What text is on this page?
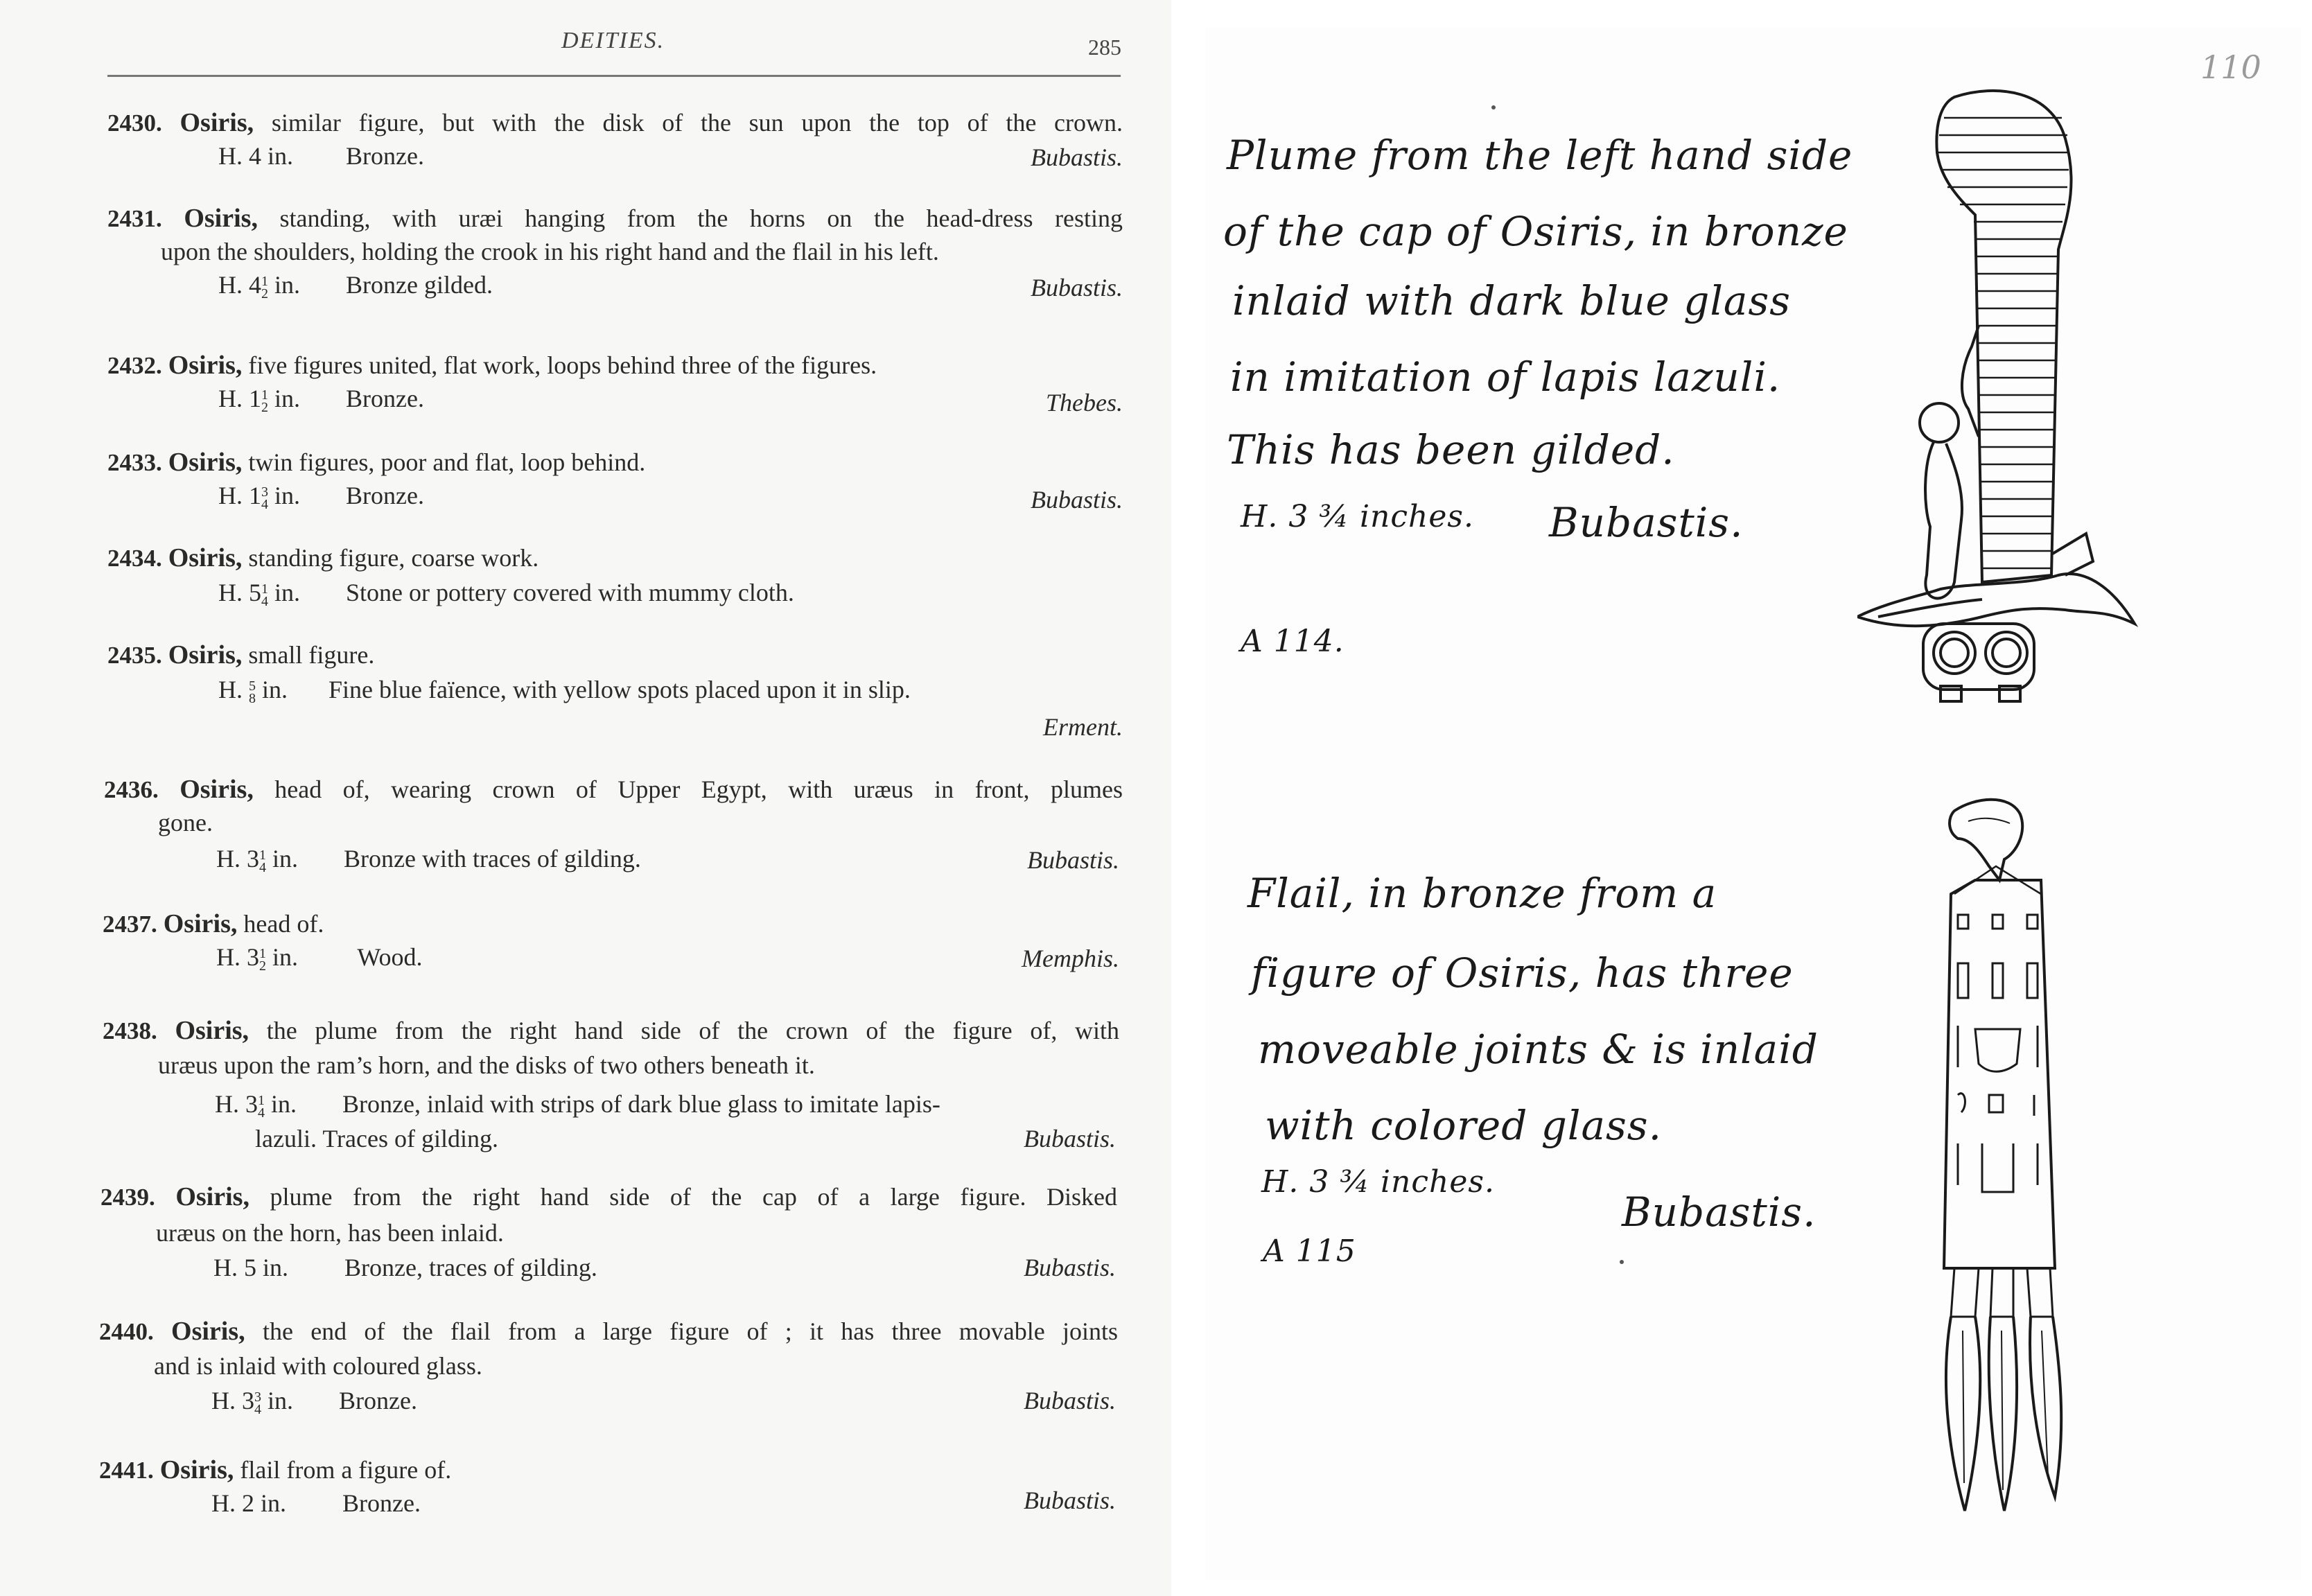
DEITIES.	285
2430. Osiris, similar figure, but with the disk of the sun upon the top of the crown.
H. 4 in. Bronze.	Bubastis.
2431. Osiris, standing, with uræi hanging from the horns on the head-dress resting
upon the shoulders, holding the crook in his right hand and the flail in his left.
H. 4 1
2 in. Bronze gilded.	Bubastis.
2432. Osiris, five figures united, flat work, loops behind three of the figures.
H. 1 1
2 in. Bronze.	Thebes.
2433. Osiris, twin figures, poor and flat, loop behind.
H. 1 3
4 in. Bronze.	Bubastis.
2434. Osiris, standing figure, coarse work.
H. 5 1
4 in. Stone or pottery covered with mummy cloth.
2435. Osiris, small figure.
H. 5
8 in. Fine blue faïence, with yellow spots placed upon it in slip.
Erment.
2436. Osiris, head of, wearing crown of Upper Egypt, with uræus in front, plumes
gone.
H. 3 1
4 in. Bronze with traces of gilding.	Bubastis.
2437. Osiris, head of.
H. 3 1
2 in. Wood.	Memphis.
2438. Osiris, the plume from the right hand side of the crown of the figure of, with
uræus upon the ram’s horn, and the disks of two others beneath it.
H. 3 1
4 in. Bronze, inlaid with strips of dark blue glass to imitate lapis-
lazuli. Traces of gilding.	Bubastis.
2439. Osiris, plume from the right hand side of the cap of a large figure. Disked
uræus on the horn, has been inlaid.
H. 5 in. Bronze, traces of gilding.	Bubastis.
2440. Osiris, the end of the flail from a large figure of ; it has three movable joints
and is inlaid with coloured glass.
H. 3 3
4 in. Bronze.	Bubastis.
2441. Osiris, flail from a figure of.
H. 2 in. Bronze.	Bubastis.
110
Plume from the left hand side
of the cap of Osiris, in bronze
inlaid with dark blue glass
in imitation of lapis lazuli.
This has been gilded.
H. 3 ¾ inches. Bubastis.
A 114.
Flail, in bronze from a
figure of Osiris, has three
moveable joints & is inlaid
with colored glass.
H. 3 ¾ inches.
Bubastis.
A 115
